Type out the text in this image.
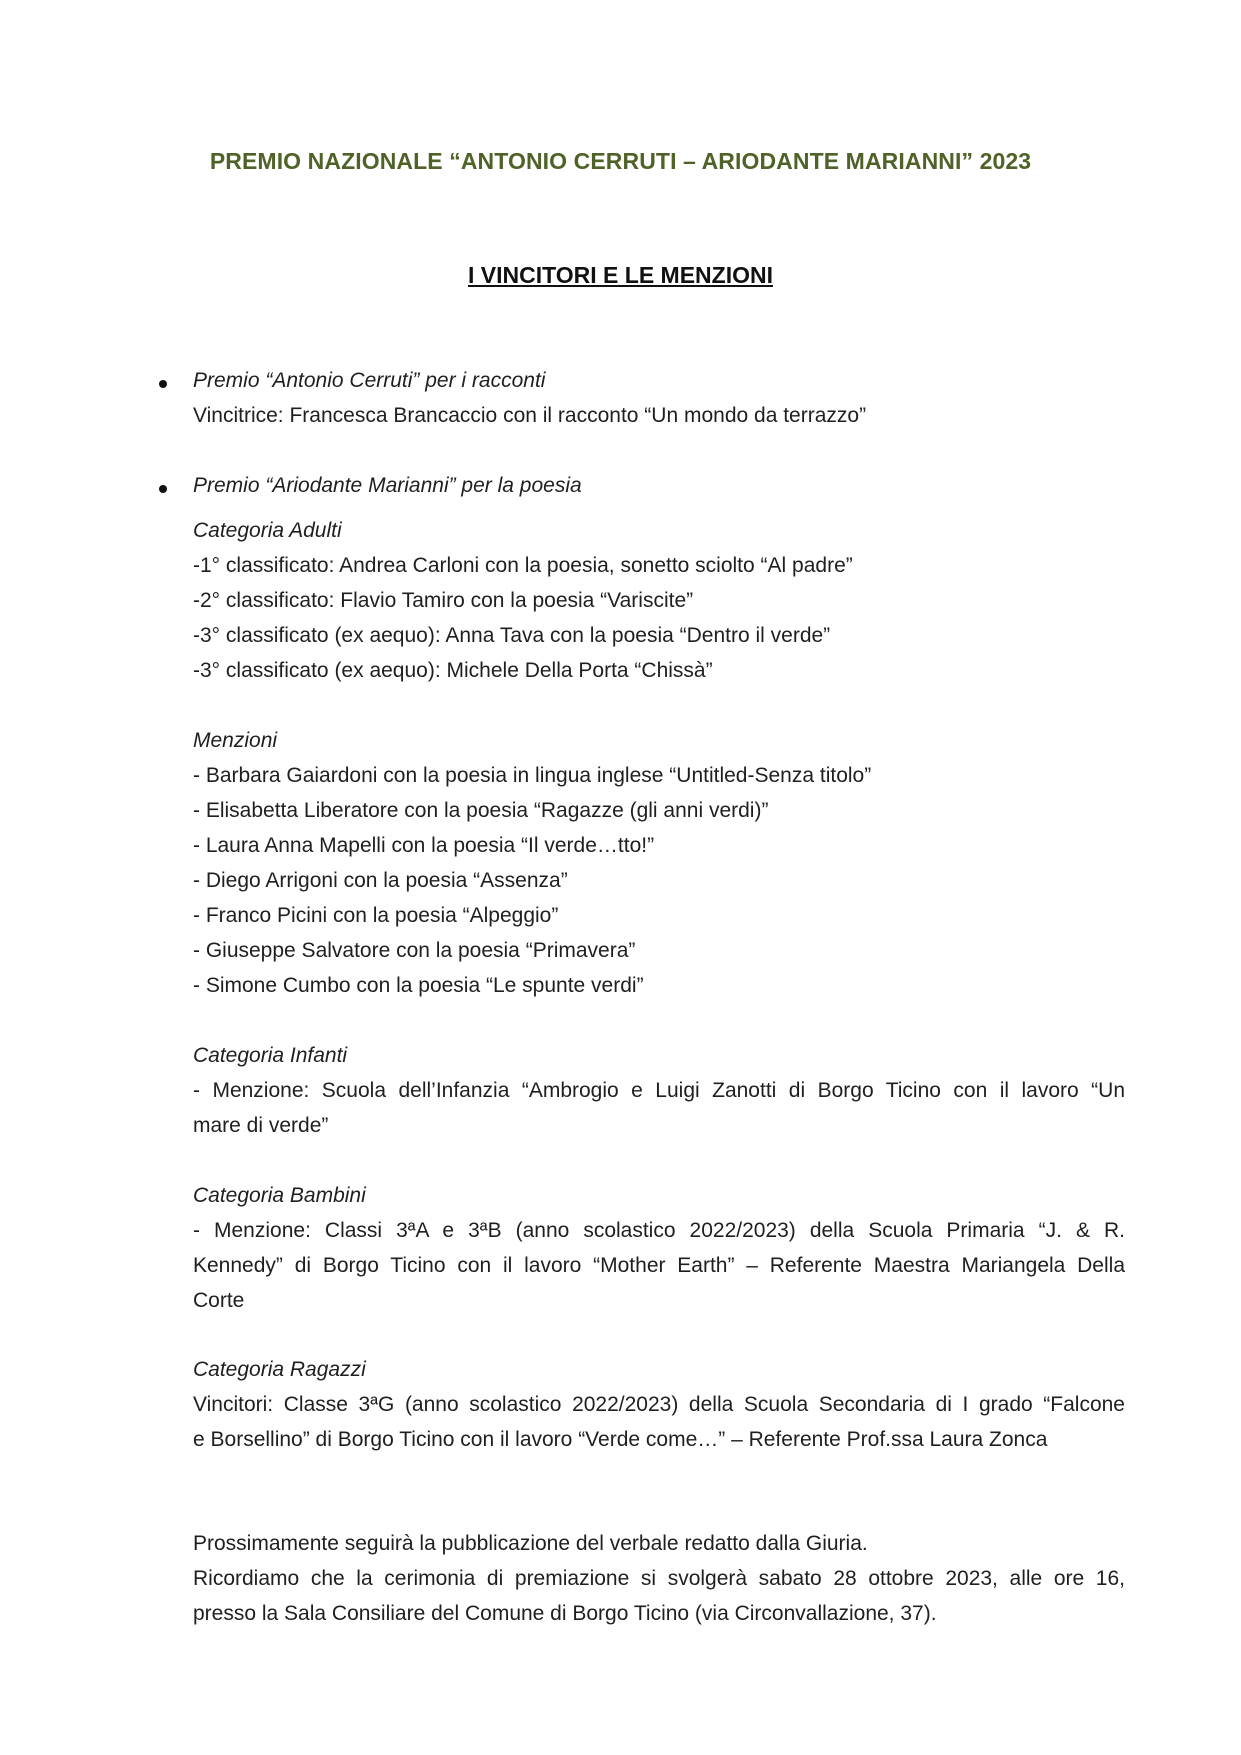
PREMIO NAZIONALE “ANTONIO CERRUTI – ARIODANTE MARIANNI” 2023
I VINCITORI E LE MENZIONI
Premio “Antonio Cerruti” per i racconti
Vincitrice: Francesca Brancaccio con il racconto “Un mondo da terrazzo”
Premio “Ariodante Marianni” per la poesia
Categoria Adulti
-1° classificato: Andrea Carloni con la poesia, sonetto sciolto “Al padre”
-2° classificato: Flavio Tamiro con la poesia “Variscite”
-3° classificato (ex aequo): Anna Tava con la poesia “Dentro il verde”
-3° classificato (ex aequo): Michele Della Porta “Chissà”
Menzioni
- Barbara Gaiardoni con la poesia in lingua inglese “Untitled-Senza titolo”
- Elisabetta Liberatore con la poesia “Ragazze (gli anni verdi)”
- Laura Anna Mapelli con la poesia “Il verde…tto!”
- Diego Arrigoni con la poesia “Assenza”
- Franco Picini con la poesia “Alpeggio”
- Giuseppe Salvatore con la poesia “Primavera”
- Simone Cumbo con la poesia “Le spunte verdi”
Categoria Infanti
- Menzione: Scuola dell’Infanzia “Ambrogio e Luigi Zanotti di Borgo Ticino con il lavoro “Un
mare di verde”
Categoria Bambini
- Menzione: Classi 3ªA e 3ªB (anno scolastico 2022/2023) della Scuola Primaria “J. & R.
Kennedy” di Borgo Ticino con il lavoro “Mother Earth” – Referente Maestra Mariangela Della
Corte
Categoria Ragazzi
Vincitori: Classe 3ªG (anno scolastico 2022/2023) della Scuola Secondaria di I grado “Falcone
e Borsellino” di Borgo Ticino con il lavoro “Verde come…” – Referente Prof.ssa Laura Zonca
Prossimamente seguirà la pubblicazione del verbale redatto dalla Giuria.
Ricordiamo che la cerimonia di premiazione si svolgerà sabato 28 ottobre 2023, alle ore 16,
presso la Sala Consiliare del Comune di Borgo Ticino (via Circonvallazione, 37).
